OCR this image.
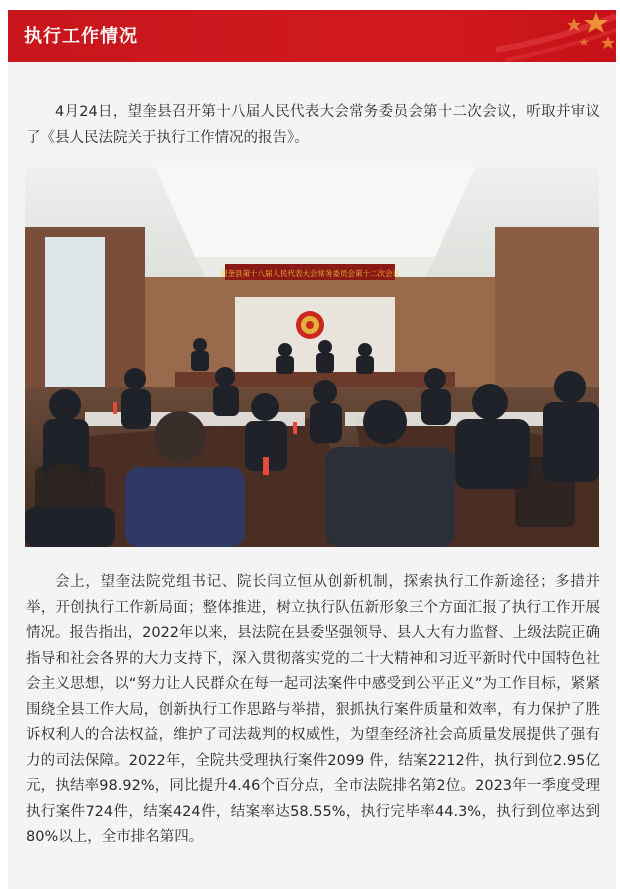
执行工作情况

4月24日，望奎县召开第十八届人民代表大会常务委员会第十二次会议，听取并审议了《县人民法院关于执行工作情况的报告》。

望奎县第十八届人民代表大会常务委员会第十二次会议

会上，望奎法院党组书记、院长闫立恒从创新机制，探索执行工作新途径；多措并举，开创执行工作新局面；整体推进，树立执行队伍新形象三个方面汇报了执行工作开展情况。报告指出，2022年以来，县法院在县委坚强领导、县人大有力监督、上级法院正确指导和社会各界的大力支持下，深入贯彻落实党的二十大精神和习近平新时代中国特色社会主义思想，以“努力让人民群众在每一起司法案件中感受到公平正义”为工作目标，紧紧围绕全县工作大局，创新执行工作思路与举措，狠抓执行案件质量和效率，有力保护了胜诉权利人的合法权益，维护了司法裁判的权威性，为望奎经济社会高质量发展提供了强有力的司法保障。2022年，全院共受理执行案件2099 件，结案2212件，执行到位2.95亿元，执结率98.92%，同比提升4.46个百分点，全市法院排名第2位。2023年一季度受理执行案件724件，结案424件，结案率达58.55%，执行完毕率44.3%，执行到位率达到80%以上，全市排名第四。
